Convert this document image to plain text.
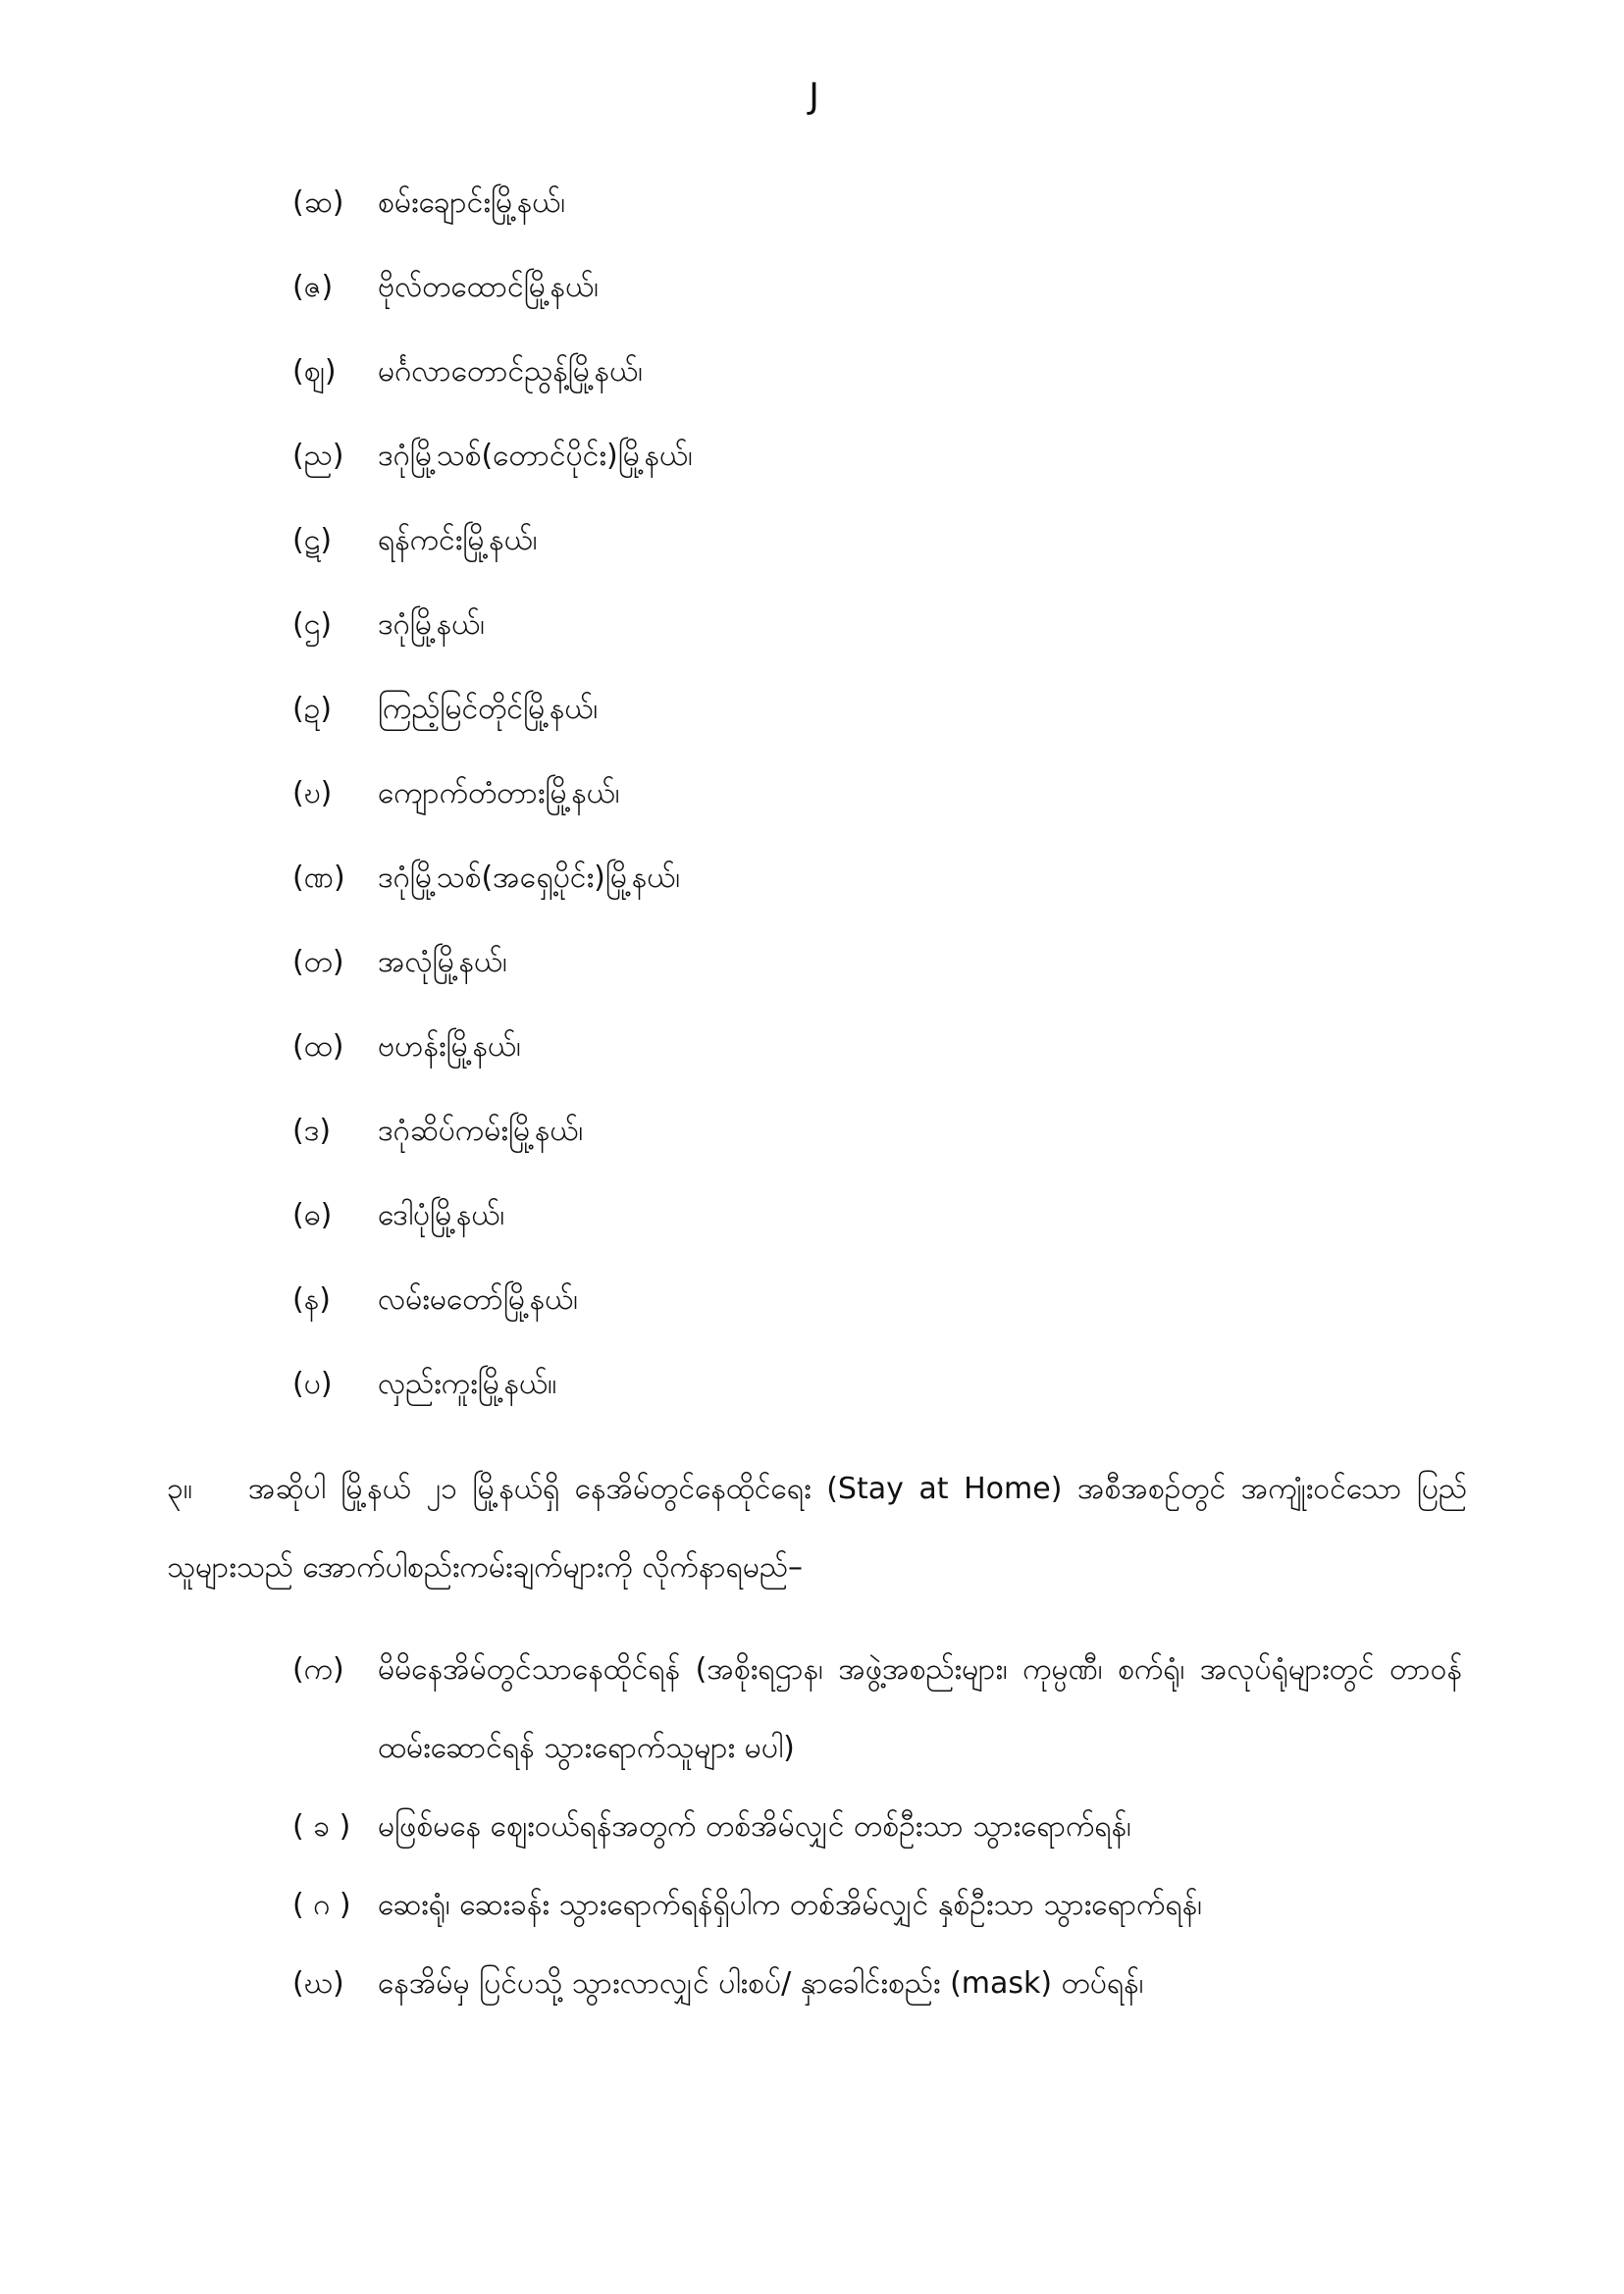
J
(ဆ)	စမ်းချောင်းမြို့နယ်၊
(ဇ)	ဗိုလ်တထောင်မြို့နယ်၊
(ဈ)	မင်္ဂလာတောင်ညွန့်မြို့နယ်၊
(ည)	ဒဂုံမြို့သစ်(တောင်ပိုင်း)မြို့နယ်၊
(ဋ)	ရန်ကင်းမြို့နယ်၊
(ဌ)	ဒဂုံမြို့နယ်၊
(ဍ)	ကြည့်မြင်တိုင်မြို့နယ်၊
(ဎ)	ကျောက်တံတားမြို့နယ်၊
(ဏ)	ဒဂုံမြို့သစ်(အရှေ့ပိုင်း)မြို့နယ်၊
(တ)	အလုံမြို့နယ်၊
(ထ)	ဗဟန်းမြို့နယ်၊
(ဒ)	ဒဂုံဆိပ်ကမ်းမြို့နယ်၊
(ဓ)	ဒေါပုံမြို့နယ်၊
(န)	လမ်းမတော်မြို့နယ်၊
(ပ)	လှည်းကူးမြို့နယ်။
၃။ အဆိုပါ မြို့နယ် ၂၁ မြို့နယ်ရှိ နေအိမ်တွင်နေထိုင်ရေး (Stay at Home) အစီအစဉ်တွင် အကျုံးဝင်သော ပြည်သူများသည် အောက်ပါစည်းကမ်းချက်များကို လိုက်နာရမည်–
(က)	မိမိနေအိမ်တွင်သာနေထိုင်ရန် (အစိုးရဌာန၊ အဖွဲ့အစည်းများ၊ ကုမ္ပဏီ၊ စက်ရုံ၊ အလုပ်ရုံများတွင် တာဝန်ထမ်းဆောင်ရန် သွားရောက်သူများ မပါ)
( ခ ) မဖြစ်မနေ ဈေးဝယ်ရန်အတွက် တစ်အိမ်လျှင် တစ်ဦးသာ သွားရောက်ရန်၊
( ဂ ) ဆေးရုံ၊ ဆေးခန်း သွားရောက်ရန်ရှိပါက တစ်အိမ်လျှင် နှစ်ဦးသာ သွားရောက်ရန်၊
(ဃ)	နေအိမ်မှ ပြင်ပသို့ သွားလာလျှင် ပါးစပ်/ နှာခေါင်းစည်း (mask) တပ်ရန်၊
